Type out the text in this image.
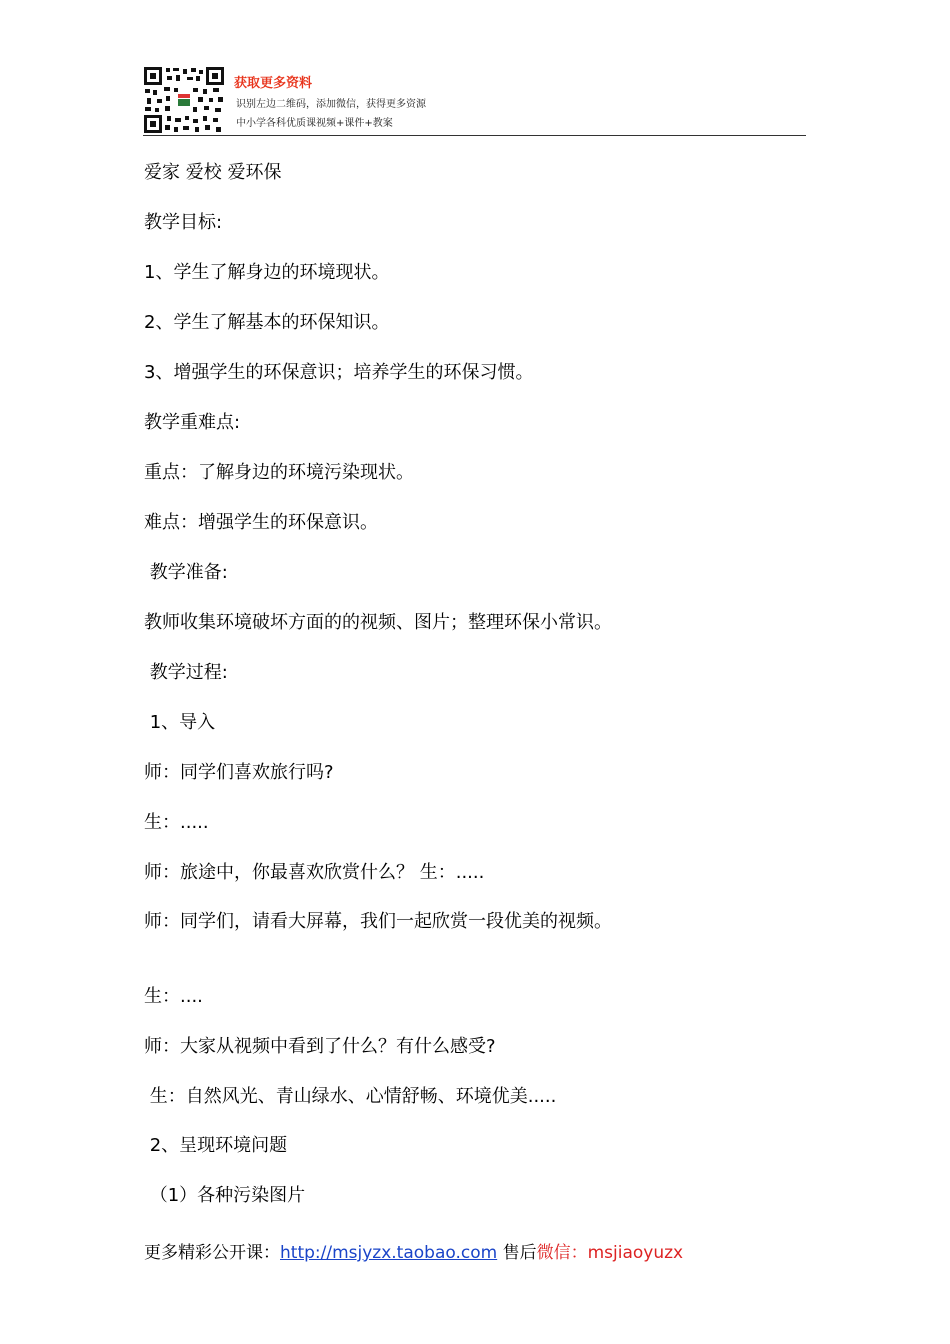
获取更多资料
识别左边二维码，添加微信，获得更多资源
中小学各科优质课视频+课件+教案
爱家 爱校 爱环保
教学目标:
1、学生了解身边的环境现状。
2、学生了解基本的环保知识。
3、增强学生的环保意识；培养学生的环保习惯。
教学重难点:
重点：了解身边的环境污染现状。
难点：增强学生的环保意识。
教学准备:
教师收集环境破坏方面的的视频、图片；整理环保小常识。
教学过程:
1、导入
师：同学们喜欢旅行吗?
生：.....
师：旅途中，你最喜欢欣赏什么？ 生：.....
师：同学们，请看大屏幕，我们一起欣赏一段优美的视频。
生：....
师：大家从视频中看到了什么？有什么感受?
生：自然风光、青山绿水、心情舒畅、环境优美.....
2、呈现环境问题
（1）各种污染图片
更多精彩公开课：http://msjyzx.taobao.com 售后微信：msjiaoyuzx
